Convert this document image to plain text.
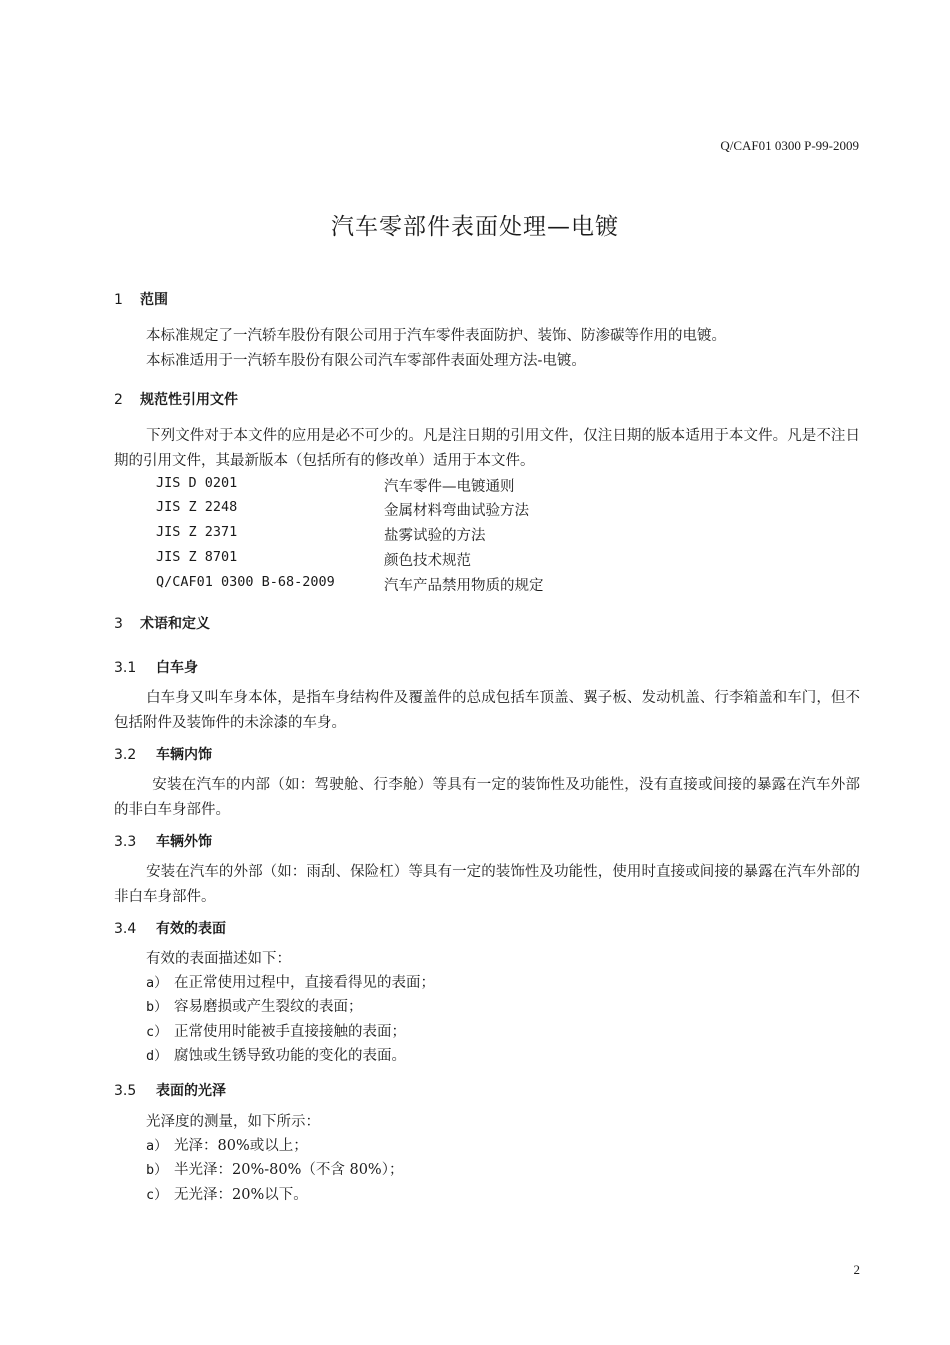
Q/CAF01 0300 P-99-2009
汽车零部件表面处理—电镀
1 范围
本标准规定了一汽轿车股份有限公司用于汽车零件表面防护、装饰、防渗碳等作用的电镀。
本标准适用于一汽轿车股份有限公司汽车零部件表面处理方法-电镀。
2 规范性引用文件
下列文件对于本文件的应用是必不可少的。凡是注日期的引用文件，仅注日期的版本适用于本文件。凡是不注日期的引用文件，其最新版本（包括所有的修改单）适用于本文件。
JIS D 0201	汽车零件—电镀通则
JIS Z 2248	金属材料弯曲试验方法
JIS Z 2371	盐雾试验的方法
JIS Z 8701	颜色技术规范
Q/CAF01 0300 B-68-2009	汽车产品禁用物质的规定
3 术语和定义
3.1 白车身
白车身又叫车身本体，是指车身结构件及覆盖件的总成包括车顶盖、翼子板、发动机盖、行李箱盖和车门，但不包括附件及装饰件的未涂漆的车身。
3.2 车辆内饰
安装在汽车的内部（如：驾驶舱、行李舱）等具有一定的装饰性及功能性，没有直接或间接的暴露在汽车外部的非白车身部件。
3.3 车辆外饰
安装在汽车的外部（如：雨刮、保险杠）等具有一定的装饰性及功能性，使用时直接或间接的暴露在汽车外部的非白车身部件。
3.4 有效的表面
有效的表面描述如下：
a） 在正常使用过程中，直接看得见的表面；
b） 容易磨损或产生裂纹的表面；
c） 正常使用时能被手直接接触的表面；
d） 腐蚀或生锈导致功能的变化的表面。
3.5 表面的光泽
光泽度的测量，如下所示：
a） 光泽：80%或以上；
b） 半光泽：20%-80%（不含 80%）；
c） 无光泽：20%以下。
2
